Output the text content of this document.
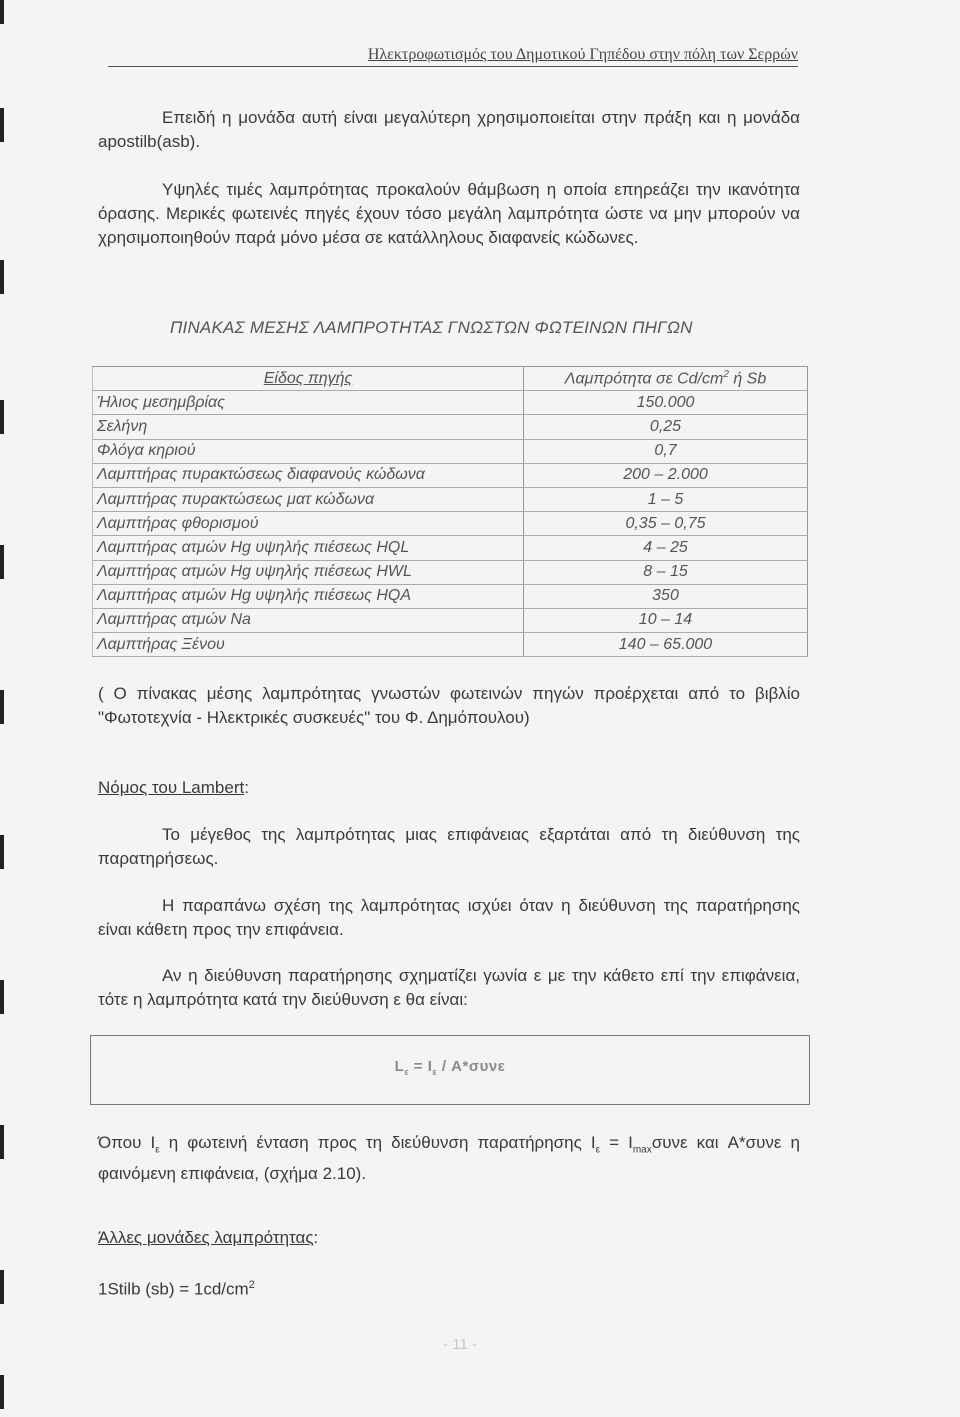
Ηλεκτροφωτισμός του Δημοτικού Γηπέδου στην πόλη των Σερρών

Επειδή η μονάδα αυτή είναι μεγαλύτερη χρησιμοποιείται στην πράξη και η μονάδα apostilb(asb).

Υψηλές τιμές λαμπρότητας προκαλούν θάμβωση η οποία επηρεάζει την ικανότητα όρασης. Μερικές φωτεινές πηγές έχουν τόσο μεγάλη λαμπρότητα ώστε να μην μπορούν να χρησιμοποιηθούν παρά μόνο μέσα σε κατάλληλους διαφανείς κώδωνες.

ΠΙΝΑΚΑΣ ΜΕΣΗΣ ΛΑΜΠΡΟΤΗΤΑΣ ΓΝΩΣΤΩΝ ΦΩΤΕΙΝΩΝ ΠΗΓΩΝ
Είδος πηγής	Λαμπρότητα σε $Cd/cm^2$ ή Sb
Ήλιος μεσημβρίας	150.000
Σελήνη	0,25
Φλόγα κηριού	0,7
Λαμπτήρας πυρακτώσεως διαφανούς κώδωνα	200 – 2.000
Λαμπτήρας πυρακτώσεως ματ κώδωνα	1 – 5
Λαμπτήρας φθορισμού	0,35 – 0,75
Λαμπτήρας ατμών Hg υψηλής πιέσεως HQL	4 – 25
Λαμπτήρας ατμών Hg υψηλής πιέσεως HWL	8 – 15
Λαμπτήρας ατμών Hg υψηλής πιέσεως HQA	350
Λαμπτήρας ατμών Na	10 – 14
Λαμπτήρας Ξένου	140 – 65.000

( Ο πίνακας μέσης λαμπρότητας γνωστών φωτεινών πηγών προέρχεται από το βιβλίο "Φωτοτεχνία - Ηλεκτρικές συσκευές" του Φ. Δημόπουλου)

Νόμος του Lambert:

Το μέγεθος της λαμπρότητας μιας επιφάνειας εξαρτάται από τη διεύθυνση της παρατηρήσεως.

Η παραπάνω σχέση της λαμπρότητας ισχύει όταν η διεύθυνση της παρατήρησης είναι κάθετη προς την επιφάνεια.

Αν η διεύθυνση παρατήρησης σχηματίζει γωνία ε με την κάθετο επί την επιφάνεια, τότε η λαμπρότητα κατά την διεύθυνση ε θα είναι:

$L_\varepsilon = I_\varepsilon / A*\sigma\upsilon\nu\varepsilon$

Όπου $I_\varepsilon$ η φωτεινή ένταση προς τη διεύθυνση παρατήρησης $I_\varepsilon = I_{max}\sigma\upsilon\nu\varepsilon$ και A*συνε η φαινόμενη επιφάνεια, (σχήμα 2.10).

Άλλες μονάδες λαμπρότητας:
1Stilb $(sb) = 1cd/cm^2$
- 11 -
